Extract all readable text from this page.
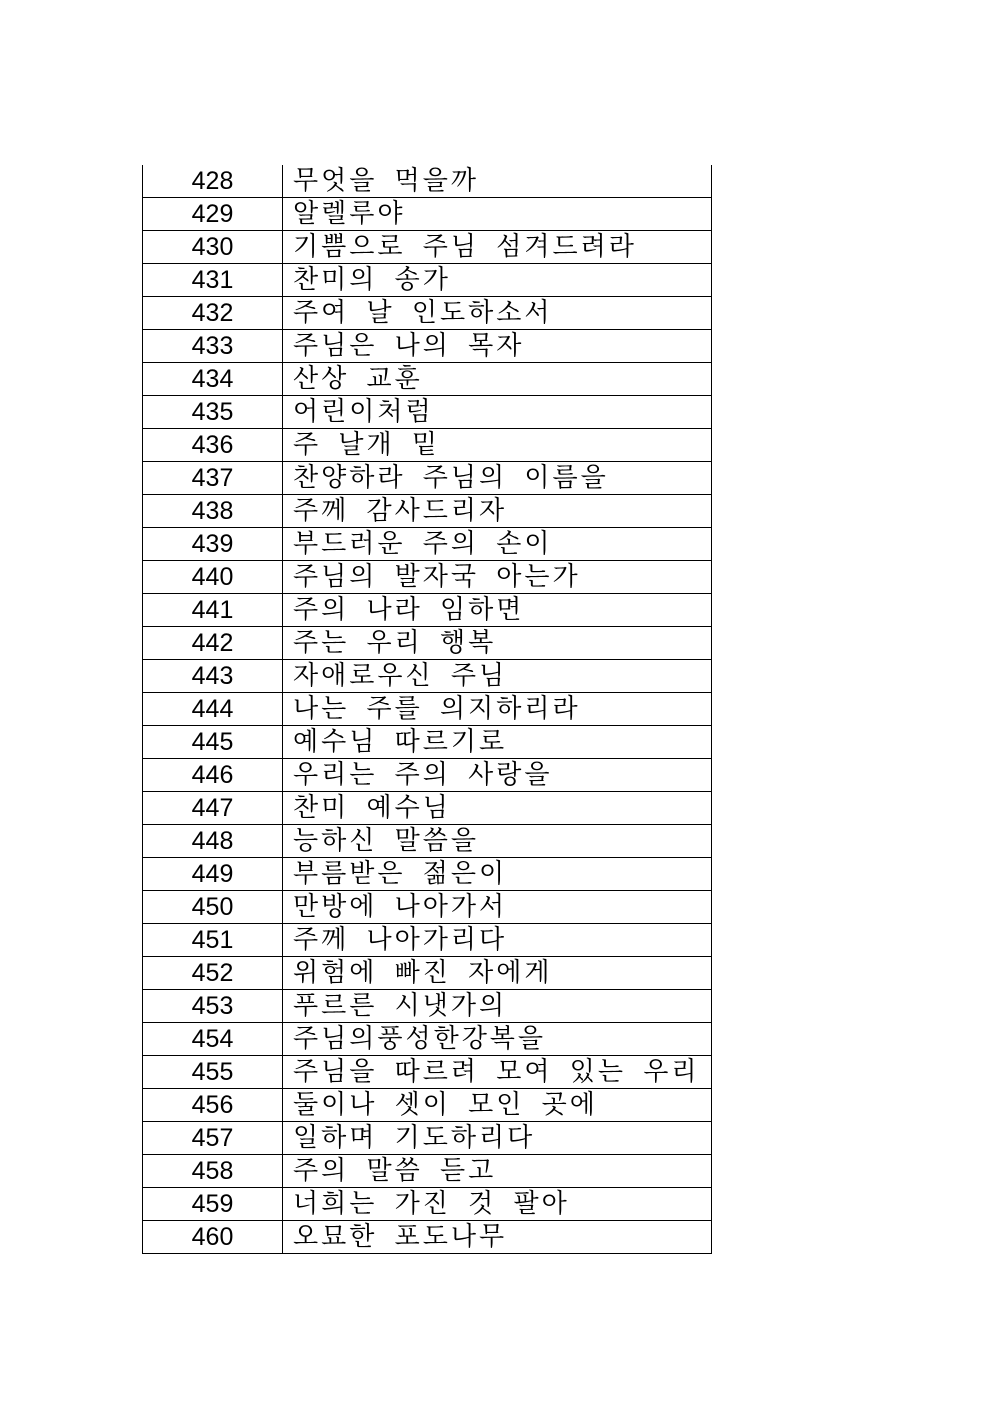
428	무엇을 먹을까
429	알렐루야
430	기쁨으로 주님 섬겨드려라
431	찬미의 송가
432	주여 날 인도하소서
433	주님은 나의 목자
434	산상 교훈
435	어린이처럼
436	주 날개 밑
437	찬양하라 주님의 이름을
438	주께 감사드리자
439	부드러운 주의 손이
440	주님의 발자국 아는가
441	주의 나라 임하면
442	주는 우리 행복
443	자애로우신 주님
444	나는 주를 의지하리라
445	예수님 따르기로
446	우리는 주의 사랑을
447	찬미 예수님
448	능하신 말씀을
449	부름받은 젊은이
450	만방에 나아가서
451	주께 나아가리다
452	위험에 빠진 자에게
453	푸르른 시냇가의
454	주님의풍성한강복을
455	주님을 따르려 모여 있는 우리
456	둘이나 셋이 모인 곳에
457	일하며 기도하리다
458	주의 말씀 듣고
459	너희는 가진 것 팔아
460	오묘한 포도나무
